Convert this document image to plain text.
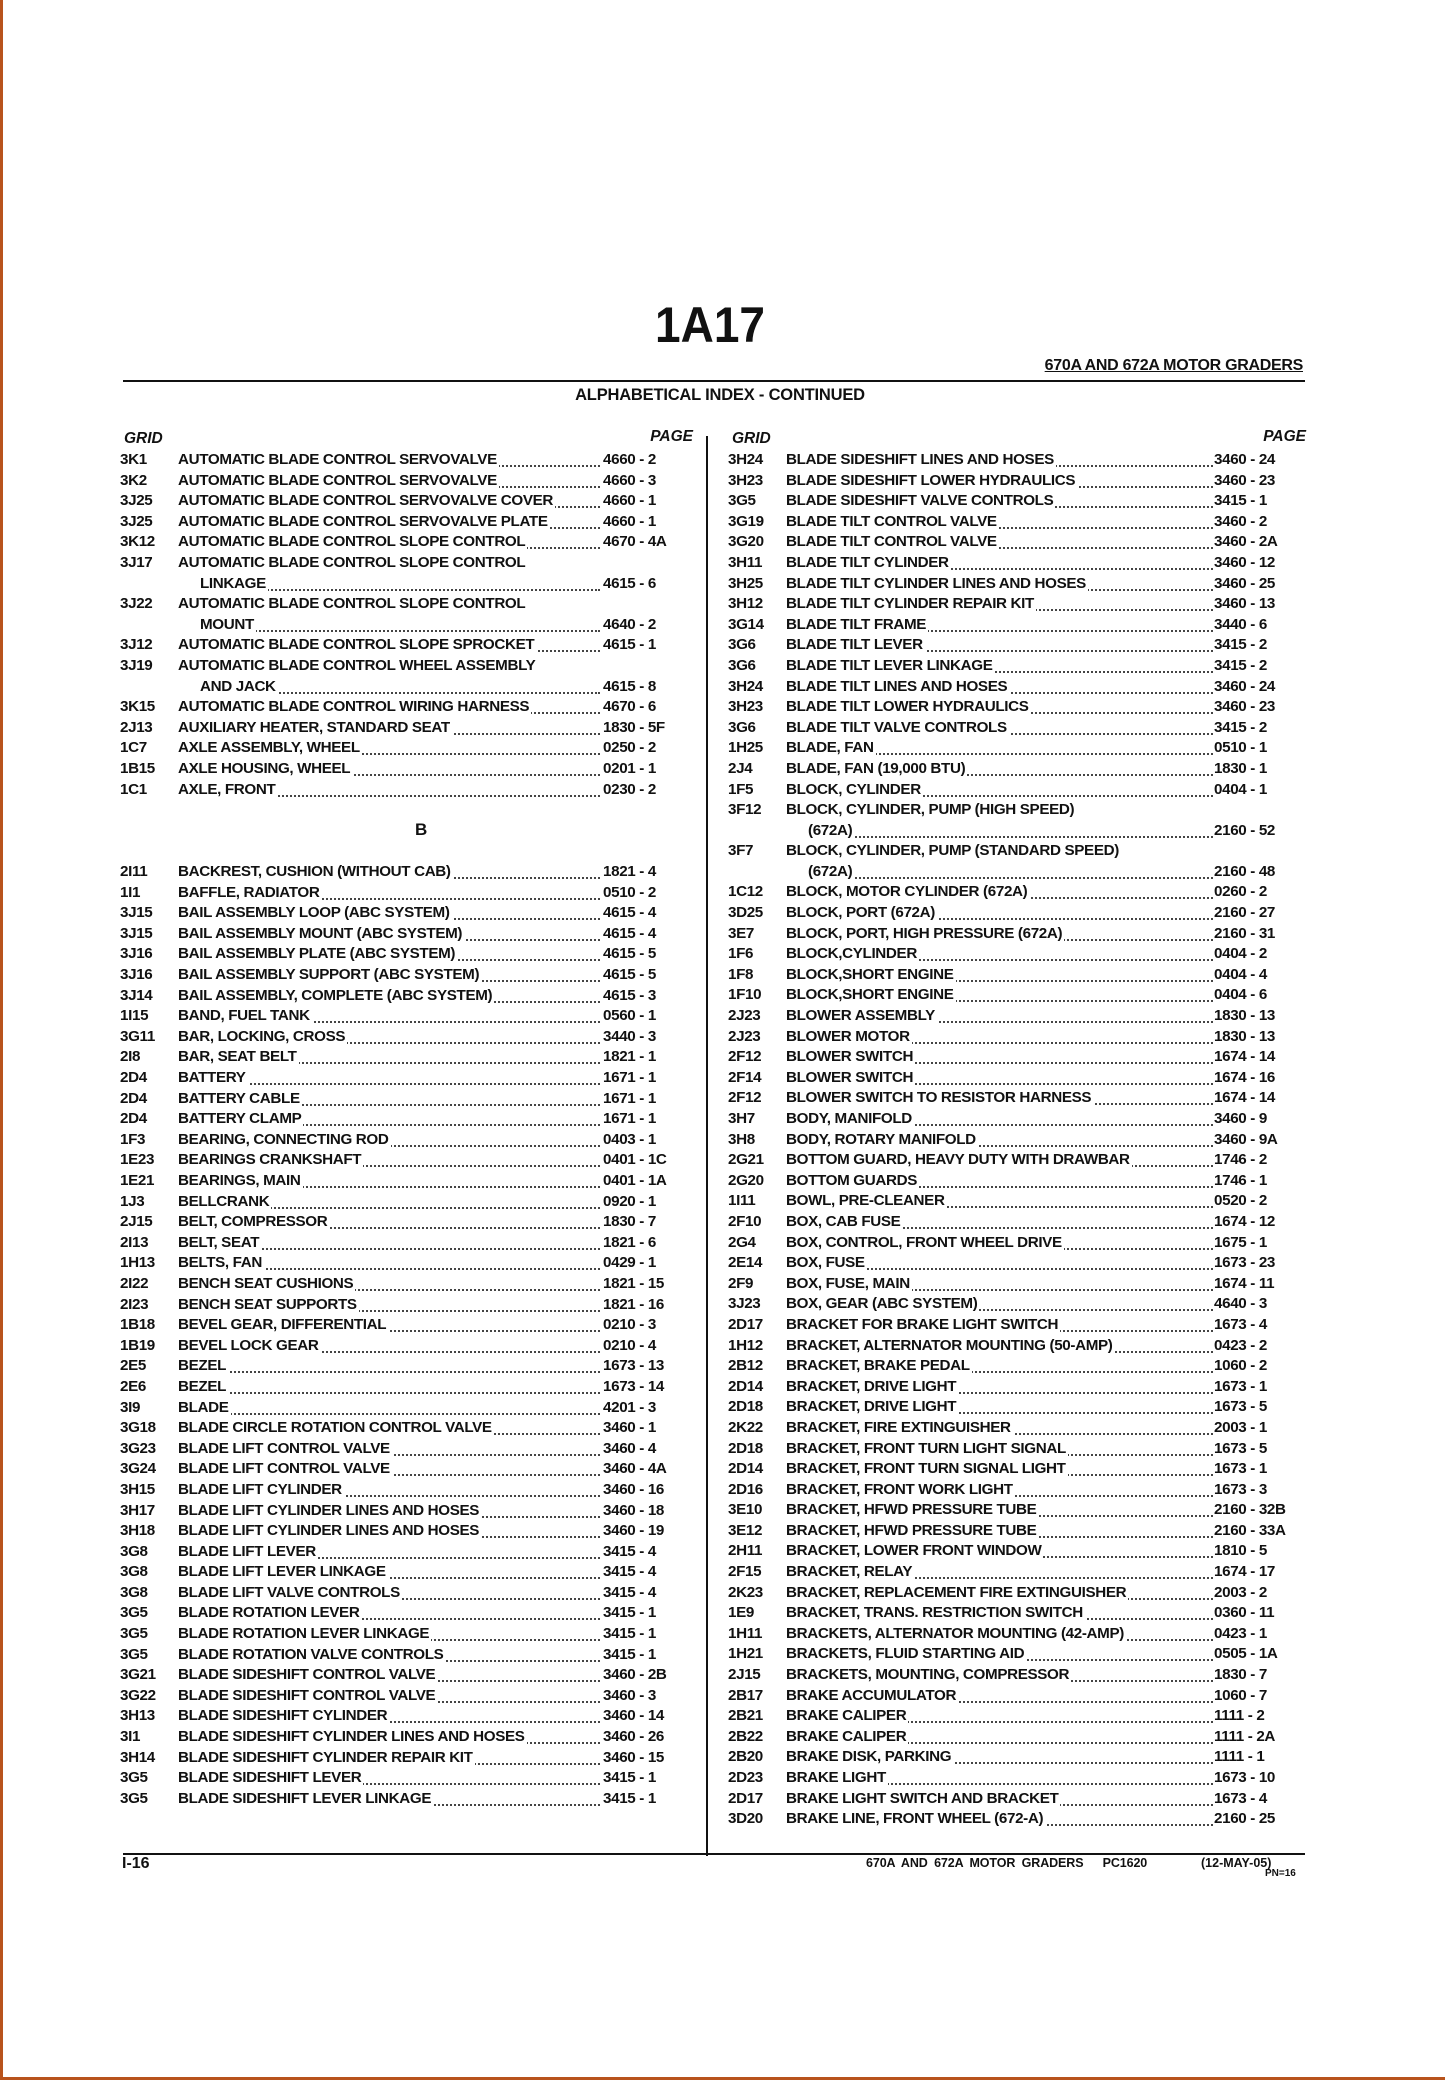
1A17
670A AND 672A MOTOR GRADERS
ALPHABETICAL INDEX - CONTINUED
GRID	PAGE
3K1	AUTOMATIC BLADE CONTROL SERVOVALVE	4660 - 2
3K2	AUTOMATIC BLADE CONTROL SERVOVALVE	4660 - 3
3J25	AUTOMATIC BLADE CONTROL SERVOVALVE COVER	4660 - 1
3J25	AUTOMATIC BLADE CONTROL SERVOVALVE PLATE	4660 - 1
3K12	AUTOMATIC BLADE CONTROL SLOPE CONTROL	4670 - 4A
3J17	AUTOMATIC BLADE CONTROL SLOPE CONTROL
LINKAGE	4615 - 6
3J22	AUTOMATIC BLADE CONTROL SLOPE CONTROL
MOUNT	4640 - 2
3J12	AUTOMATIC BLADE CONTROL SLOPE SPROCKET	4615 - 1
3J19	AUTOMATIC BLADE CONTROL WHEEL ASSEMBLY
AND JACK	4615 - 8
3K15	AUTOMATIC BLADE CONTROL WIRING HARNESS	4670 - 6
2J13	AUXILIARY HEATER, STANDARD SEAT	1830 - 5F
1C7	AXLE ASSEMBLY, WHEEL	0250 - 2
1B15	AXLE HOUSING, WHEEL	0201 - 1
1C1	AXLE, FRONT	0230 - 2
B
2I11	BACKREST, CUSHION (WITHOUT CAB)	1821 - 4
1I1	BAFFLE, RADIATOR	0510 - 2
3J15	BAIL ASSEMBLY LOOP (ABC SYSTEM)	4615 - 4
3J15	BAIL ASSEMBLY MOUNT (ABC SYSTEM)	4615 - 4
3J16	BAIL ASSEMBLY PLATE (ABC SYSTEM)	4615 - 5
3J16	BAIL ASSEMBLY SUPPORT (ABC SYSTEM)	4615 - 5
3J14	BAIL ASSEMBLY, COMPLETE (ABC SYSTEM)	4615 - 3
1I15	BAND, FUEL TANK	0560 - 1
3G11	BAR, LOCKING, CROSS	3440 - 3
2I8	BAR, SEAT BELT	1821 - 1
2D4	BATTERY	1671 - 1
2D4	BATTERY CABLE	1671 - 1
2D4	BATTERY CLAMP	1671 - 1
1F3	BEARING, CONNECTING ROD	0403 - 1
1E23	BEARINGS CRANKSHAFT	0401 - 1C
1E21	BEARINGS, MAIN	0401 - 1A
1J3	BELLCRANK	0920 - 1
2J15	BELT, COMPRESSOR	1830 - 7
2I13	BELT, SEAT	1821 - 6
1H13	BELTS, FAN	0429 - 1
2I22	BENCH SEAT CUSHIONS	1821 - 15
2I23	BENCH SEAT SUPPORTS	1821 - 16
1B18	BEVEL GEAR, DIFFERENTIAL	0210 - 3
1B19	BEVEL LOCK GEAR	0210 - 4
2E5	BEZEL	1673 - 13
2E6	BEZEL	1673 - 14
3I9	BLADE	4201 - 3
3G18	BLADE CIRCLE ROTATION CONTROL VALVE	3460 - 1
3G23	BLADE LIFT CONTROL VALVE	3460 - 4
3G24	BLADE LIFT CONTROL VALVE	3460 - 4A
3H15	BLADE LIFT CYLINDER	3460 - 16
3H17	BLADE LIFT CYLINDER LINES AND HOSES	3460 - 18
3H18	BLADE LIFT CYLINDER LINES AND HOSES	3460 - 19
3G8	BLADE LIFT LEVER	3415 - 4
3G8	BLADE LIFT LEVER LINKAGE	3415 - 4
3G8	BLADE LIFT VALVE CONTROLS	3415 - 4
3G5	BLADE ROTATION LEVER	3415 - 1
3G5	BLADE ROTATION LEVER LINKAGE	3415 - 1
3G5	BLADE ROTATION VALVE CONTROLS	3415 - 1
3G21	BLADE SIDESHIFT CONTROL VALVE	3460 - 2B
3G22	BLADE SIDESHIFT CONTROL VALVE	3460 - 3
3H13	BLADE SIDESHIFT CYLINDER	3460 - 14
3I1	BLADE SIDESHIFT CYLINDER LINES AND HOSES	3460 - 26
3H14	BLADE SIDESHIFT CYLINDER REPAIR KIT	3460 - 15
3G5	BLADE SIDESHIFT LEVER	3415 - 1
3G5	BLADE SIDESHIFT LEVER LINKAGE	3415 - 1
GRID	PAGE
3H24	BLADE SIDESHIFT LINES AND HOSES	3460 - 24
3H23	BLADE SIDESHIFT LOWER HYDRAULICS	3460 - 23
3G5	BLADE SIDESHIFT VALVE CONTROLS	3415 - 1
3G19	BLADE TILT CONTROL VALVE	3460 - 2
3G20	BLADE TILT CONTROL VALVE	3460 - 2A
3H11	BLADE TILT CYLINDER	3460 - 12
3H25	BLADE TILT CYLINDER LINES AND HOSES	3460 - 25
3H12	BLADE TILT CYLINDER REPAIR KIT	3460 - 13
3G14	BLADE TILT FRAME	3440 - 6
3G6	BLADE TILT LEVER	3415 - 2
3G6	BLADE TILT LEVER LINKAGE	3415 - 2
3H24	BLADE TILT LINES AND HOSES	3460 - 24
3H23	BLADE TILT LOWER HYDRAULICS	3460 - 23
3G6	BLADE TILT VALVE CONTROLS	3415 - 2
1H25	BLADE, FAN	0510 - 1
2J4	BLADE, FAN (19,000 BTU)	1830 - 1
1F5	BLOCK, CYLINDER	0404 - 1
3F12	BLOCK, CYLINDER, PUMP (HIGH SPEED)
(672A)	2160 - 52
3F7	BLOCK, CYLINDER, PUMP (STANDARD SPEED)
(672A)	2160 - 48
1C12	BLOCK, MOTOR CYLINDER (672A)	0260 - 2
3D25	BLOCK, PORT (672A)	2160 - 27
3E7	BLOCK, PORT, HIGH PRESSURE (672A)	2160 - 31
1F6	BLOCK,CYLINDER	0404 - 2
1F8	BLOCK,SHORT ENGINE	0404 - 4
1F10	BLOCK,SHORT ENGINE	0404 - 6
2J23	BLOWER ASSEMBLY	1830 - 13
2J23	BLOWER MOTOR	1830 - 13
2F12	BLOWER SWITCH	1674 - 14
2F14	BLOWER SWITCH	1674 - 16
2F12	BLOWER SWITCH TO RESISTOR HARNESS	1674 - 14
3H7	BODY, MANIFOLD	3460 - 9
3H8	BODY, ROTARY MANIFOLD	3460 - 9A
2G21	BOTTOM GUARD, HEAVY DUTY WITH DRAWBAR	1746 - 2
2G20	BOTTOM GUARDS	1746 - 1
1I11	BOWL, PRE-CLEANER	0520 - 2
2F10	BOX, CAB FUSE	1674 - 12
2G4	BOX, CONTROL, FRONT WHEEL DRIVE	1675 - 1
2E14	BOX, FUSE	1673 - 23
2F9	BOX, FUSE, MAIN	1674 - 11
3J23	BOX, GEAR (ABC SYSTEM)	4640 - 3
2D17	BRACKET FOR BRAKE LIGHT SWITCH	1673 - 4
1H12	BRACKET, ALTERNATOR MOUNTING (50-AMP)	0423 - 2
2B12	BRACKET, BRAKE PEDAL	1060 - 2
2D14	BRACKET, DRIVE LIGHT	1673 - 1
2D18	BRACKET, DRIVE LIGHT	1673 - 5
2K22	BRACKET, FIRE EXTINGUISHER	2003 - 1
2D18	BRACKET, FRONT TURN LIGHT SIGNAL	1673 - 5
2D14	BRACKET, FRONT TURN SIGNAL LIGHT	1673 - 1
2D16	BRACKET, FRONT WORK LIGHT	1673 - 3
3E10	BRACKET, HFWD PRESSURE TUBE	2160 - 32B
3E12	BRACKET, HFWD PRESSURE TUBE	2160 - 33A
2H11	BRACKET, LOWER FRONT WINDOW	1810 - 5
2F15	BRACKET, RELAY	1674 - 17
2K23	BRACKET, REPLACEMENT FIRE EXTINGUISHER	2003 - 2
1E9	BRACKET, TRANS. RESTRICTION SWITCH	0360 - 11
1H11	BRACKETS, ALTERNATOR MOUNTING (42-AMP)	0423 - 1
1H21	BRACKETS, FLUID STARTING AID	0505 - 1A
2J15	BRACKETS, MOUNTING, COMPRESSOR	1830 - 7
2B17	BRAKE ACCUMULATOR	1060 - 7
2B21	BRAKE CALIPER	1111 - 2
2B22	BRAKE CALIPER	1111 - 2A
2B20	BRAKE DISK, PARKING	1111 - 1
2D23	BRAKE LIGHT	1673 - 10
2D17	BRAKE LIGHT SWITCH AND BRACKET	1673 - 4
3D20	BRAKE LINE, FRONT WHEEL (672-A)	2160 - 25
I-16	670A AND 672A MOTOR GRADERS PC1620	(12-MAY-05)
PN=16
